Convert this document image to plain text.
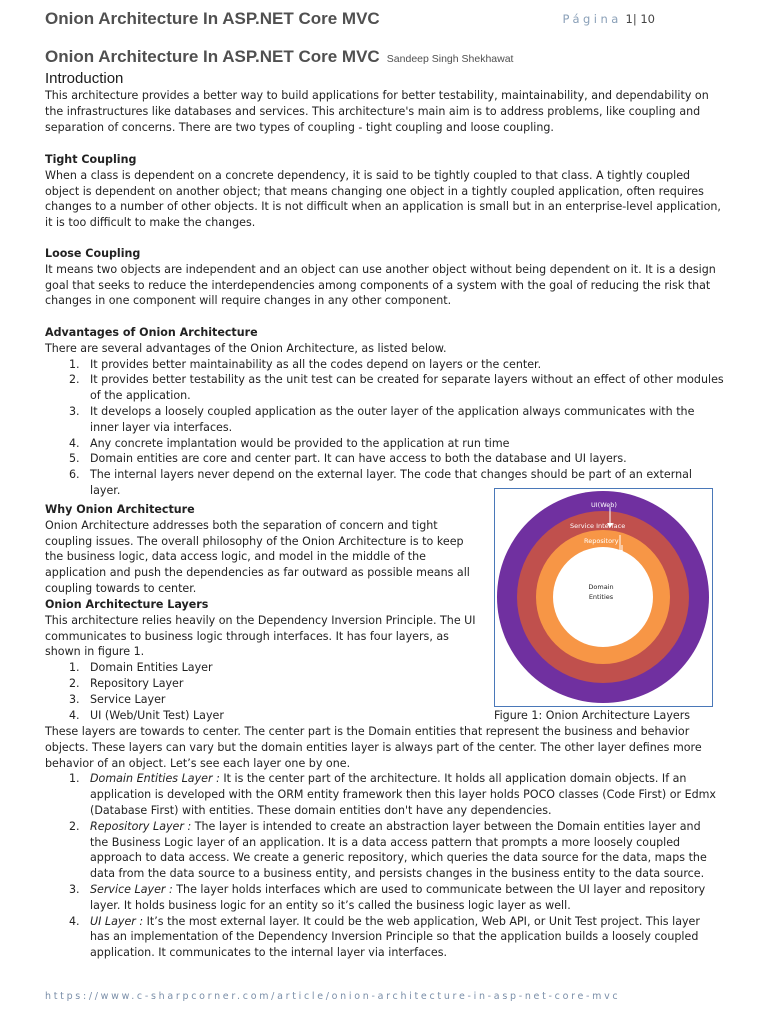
Onion Architecture In ASP.NET Core MVC	Página 1| 10
Onion Architecture In ASP.NET Core MVC Sandeep Singh Shekhawat
Introduction

This architecture provides a better way to build applications for better testability, maintainability, and dependability on the infrastructures like databases and services. This architecture's main aim is to address problems, like coupling and separation of concerns. There are two types of coupling - tight coupling and loose coupling.

Tight Coupling

When a class is dependent on a concrete dependency, it is said to be tightly coupled to that class. A tightly coupled object is dependent on another object; that means changing one object in a tightly coupled application, often requires changes to a number of other objects. It is not difficult when an application is small but in an enterprise-level application, it is too difficult to make the changes.

Loose Coupling

It means two objects are independent and an object can use another object without being dependent on it. It is a design goal that seeks to reduce the interdependencies among components of a system with the goal of reducing the risk that changes in one component will require changes in any other component.

Advantages of Onion Architecture

There are several advantages of the Onion Architecture, as listed below.

1. It provides better maintainability as all the codes depend on layers or the center.
2. It provides better testability as the unit test can be created for separate layers without an effect of other modules of the application.
3. It develops a loosely coupled application as the outer layer of the application always communicates with the inner layer via interfaces.
4. Any concrete implantation would be provided to the application at run time
5. Domain entities are core and center part. It can have access to both the database and UI layers.
6. The internal layers never depend on the external layer. The code that changes should be part of an external layer.

Why Onion Architecture

Onion Architecture addresses both the separation of concern and tight coupling issues. The overall philosophy of the Onion Architecture is to keep the business logic, data access logic, and model in the middle of the application and push the dependencies as far outward as possible means all coupling towards to center.

Onion Architecture Layers

This architecture relies heavily on the Dependency Inversion Principle. The UI communicates to business logic through interfaces. It has four layers, as shown in figure 1.

1. Domain Entities Layer
2. Repository Layer
3. Service Layer
4. UI (Web/Unit Test) Layer
UI(Web)
Service Interface
Repository
Domain
Entities
Figure 1: Onion Architecture Layers

These layers are towards to center. The center part is the Domain entities that represent the business and behavior objects. These layers can vary but the domain entities layer is always part of the center. The other layer defines more behavior of an object. Let’s see each layer one by one.

1. Domain Entities Layer : It is the center part of the architecture. It holds all application domain objects. If an application is developed with the ORM entity framework then this layer holds POCO classes (Code First) or Edmx (Database First) with entities. These domain entities don't have any dependencies.
2. Repository Layer : The layer is intended to create an abstraction layer between the Domain entities layer and the Business Logic layer of an application. It is a data access pattern that prompts a more loosely coupled approach to data access. We create a generic repository, which queries the data source for the data, maps the data from the data source to a business entity, and persists changes in the business entity to the data source.
3. Service Layer : The layer holds interfaces which are used to communicate between the UI layer and repository layer. It holds business logic for an entity so it’s called the business logic layer as well.
4. UI Layer : It’s the most external layer. It could be the web application, Web API, or Unit Test project. This layer has an implementation of the Dependency Inversion Principle so that the application builds a loosely coupled application. It communicates to the internal layer via interfaces.
https://www.c-sharpcorner.com/article/onion-architecture-in-asp-net-core-mvc
